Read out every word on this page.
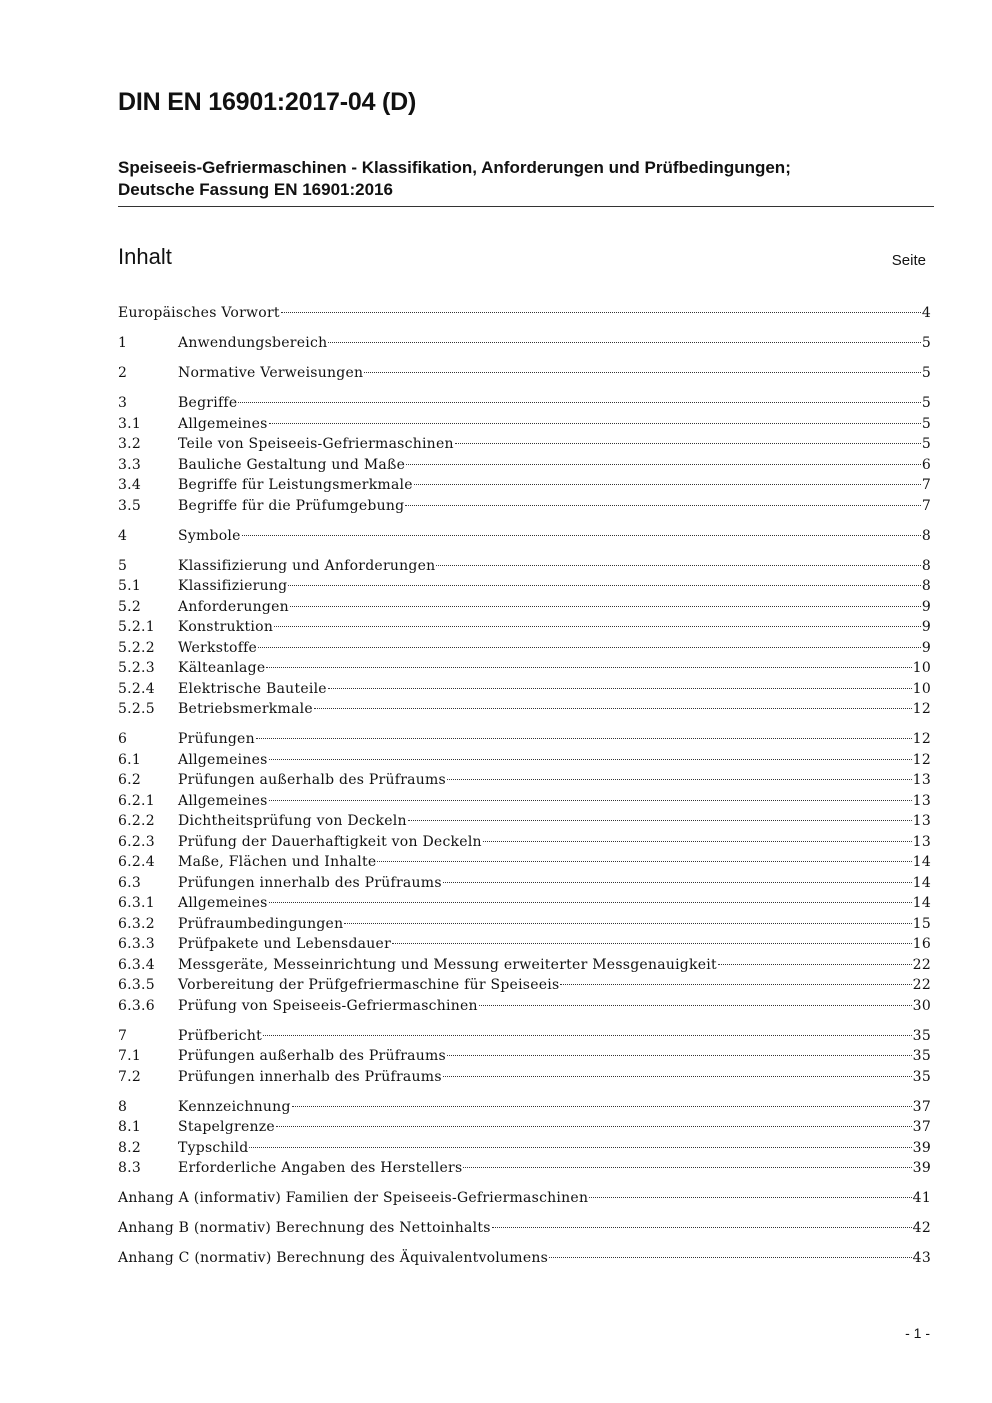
DIN EN 16901:2017-04 (D)
Speiseeis-Gefriermaschinen - Klassifikation, Anforderungen und Prüfbedingungen;
Deutsche Fassung EN 16901:2016
Inhalt	Seite
Europäisches Vorwort	4
1	Anwendungsbereich	5
2	Normative Verweisungen	5
3	Begriffe	5
3.1	Allgemeines	5
3.2	Teile von Speiseeis-Gefriermaschinen	5
3.3	Bauliche Gestaltung und Maße	6
3.4	Begriffe für Leistungsmerkmale	7
3.5	Begriffe für die Prüfumgebung	7
4	Symbole	8
5	Klassifizierung und Anforderungen	8
5.1	Klassifizierung	8
5.2	Anforderungen	9
5.2.1	Konstruktion	9
5.2.2	Werkstoffe	9
5.2.3	Kälteanlage	10
5.2.4	Elektrische Bauteile	10
5.2.5	Betriebsmerkmale	12
6	Prüfungen	12
6.1	Allgemeines	12
6.2	Prüfungen außerhalb des Prüfraums	13
6.2.1	Allgemeines	13
6.2.2	Dichtheitsprüfung von Deckeln	13
6.2.3	Prüfung der Dauerhaftigkeit von Deckeln	13
6.2.4	Maße, Flächen und Inhalte	14
6.3	Prüfungen innerhalb des Prüfraums	14
6.3.1	Allgemeines	14
6.3.2	Prüfraumbedingungen	15
6.3.3	Prüfpakete und Lebensdauer	16
6.3.4	Messgeräte, Messeinrichtung und Messung erweiterter Messgenauigkeit	22
6.3.5	Vorbereitung der Prüfgefriermaschine für Speiseeis	22
6.3.6	Prüfung von Speiseeis-Gefriermaschinen	30
7	Prüfbericht	35
7.1	Prüfungen außerhalb des Prüfraums	35
7.2	Prüfungen innerhalb des Prüfraums	35
8	Kennzeichnung	37
8.1	Stapelgrenze	37
8.2	Typschild	39
8.3	Erforderliche Angaben des Herstellers	39
Anhang A (informativ) Familien der Speiseeis-Gefriermaschinen	41
Anhang B (normativ) Berechnung des Nettoinhalts	42
Anhang C (normativ) Berechnung des Äquivalentvolumens	43
- 1 -
